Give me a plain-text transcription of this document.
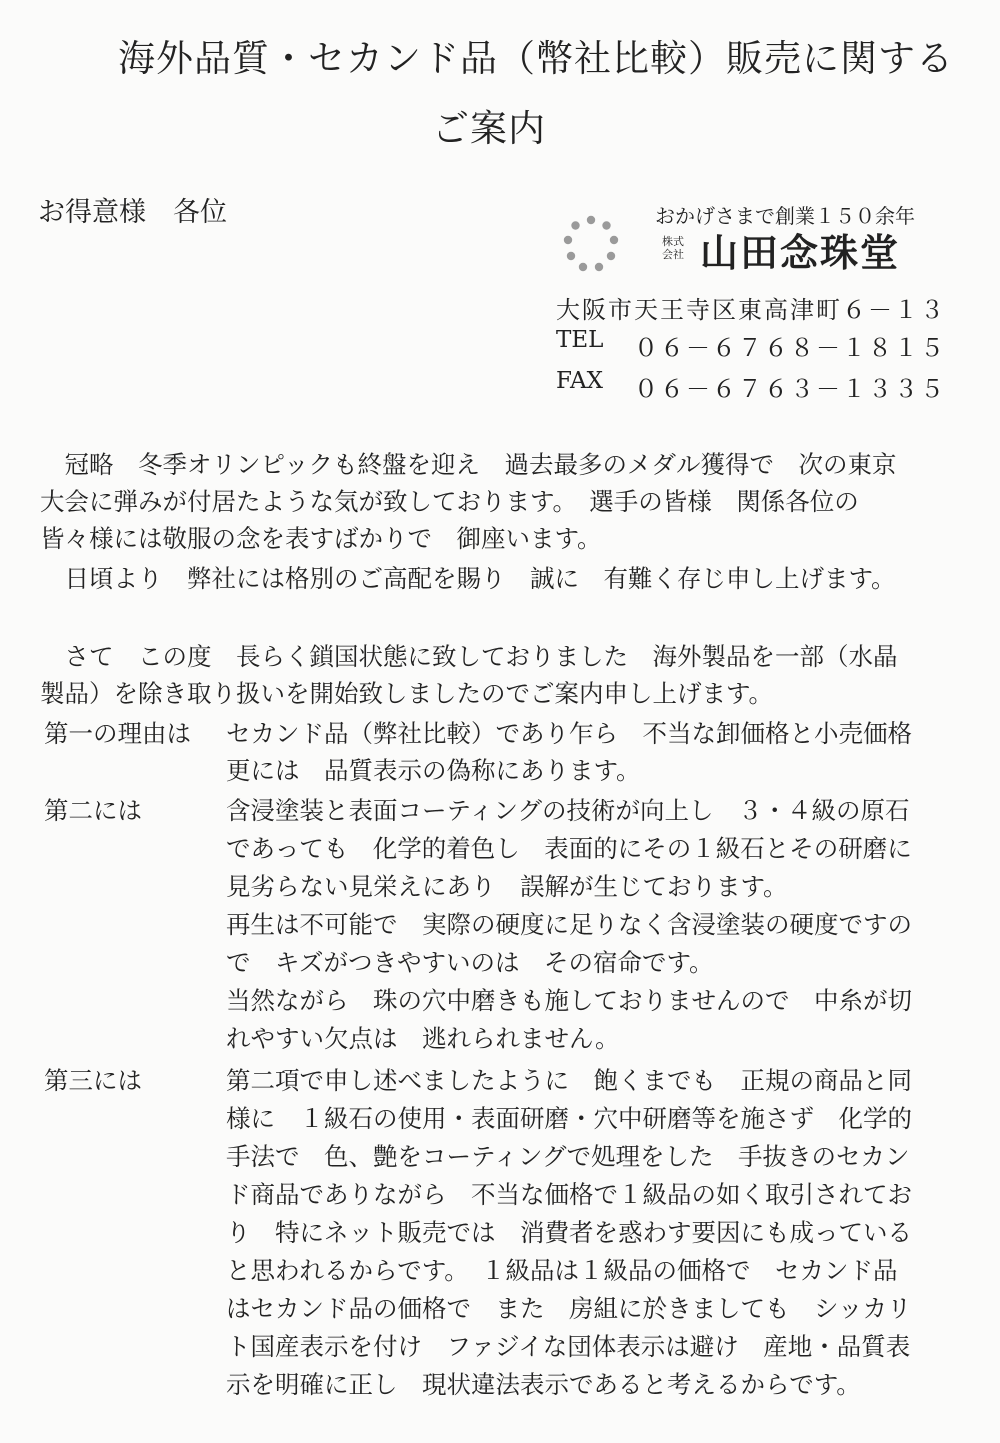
海外品質・セカンド品（幣社比較）販売に関する
ご案内
お得意様　各位	おかげさまで創業１５０余年
株式
会社 山田念珠堂
大阪市天王寺区東高津町６－１３
TEL ０６－６７６８－１８１５
FAX ０６－６７６３－１３３５
　冠略　冬季オリンピックも終盤を迎え　過去最多のメダル獲得で　次の東京
大会に弾みが付居たような気が致しております。　選手の皆様　関係各位の
皆々様には敬服の念を表すばかりで　御座います。
　日頃より　弊社には格別のご高配を賜り　誠に　有難く存じ申し上げます。
　さて　この度　長らく鎖国状態に致しておりました　海外製品を一部（水晶
製品）を除き取り扱いを開始致しましたのでご案内申し上げます。
第一の理由は セカンド品（弊社比較）であり乍ら　不当な卸価格と小売価格
更には　品質表示の偽称にあります。
第二には	含浸塗装と表面コーティングの技術が向上し　３・４級の原石
であっても　化学的着色し　表面的にその１級石とその研磨に
見劣らない見栄えにあり　誤解が生じております。
再生は不可能で　実際の硬度に足りなく含浸塗装の硬度ですの
で　キズがつきやすいのは　その宿命です。
当然ながら　珠の穴中磨きも施しておりませんので　中糸が切
れやすい欠点は　逃れられません。
第三には	第二項で申し述べましたように　飽くまでも　正規の商品と同
様に　１級石の使用・表面研磨・穴中研磨等を施さず　化学的
手法で　色、艶をコーティングで処理をした　手抜きのセカン
ド商品でありながら　不当な価格で１級品の如く取引されてお
り　特にネット販売では　消費者を惑わす要因にも成っている
と思われるからです。　１級品は１級品の価格で　セカンド品
はセカンド品の価格で　また　房組に於きましても　シッカリ
ト国産表示を付け　ファジイな団体表示は避け　産地・品質表
示を明確に正し　現状違法表示であると考えるからです。
